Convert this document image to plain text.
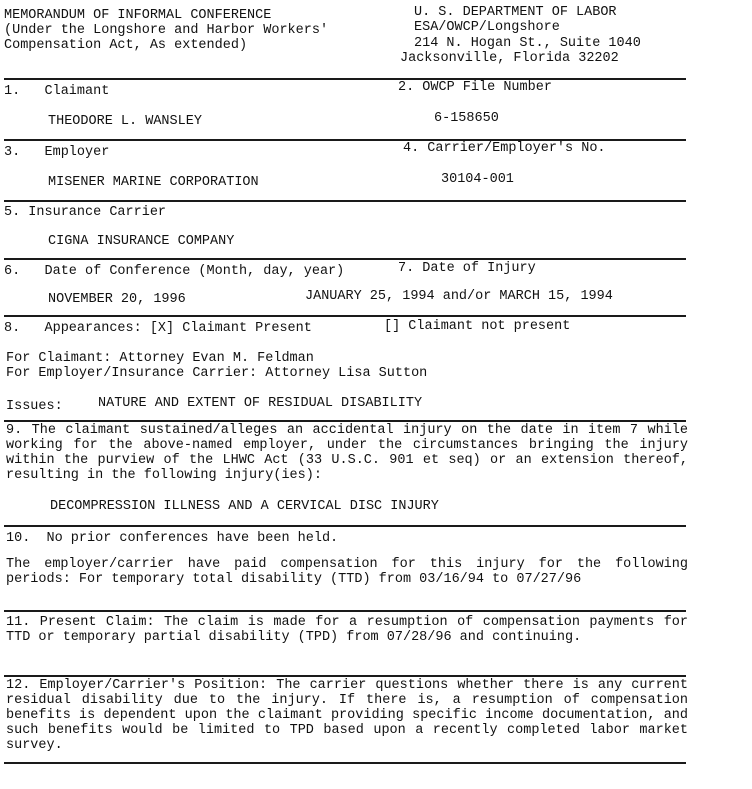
MEMORANDUM OF INFORMAL CONFERENCE
(Under the Longshore and Harbor Workers'
Compensation Act, As extended)
U. S. DEPARTMENT OF LABOR
ESA/OWCP/Longshore
214 N. Hogan St., Suite 1040
Jacksonville, Florida 32202
1.   Claimant	2. OWCP File Number
THEODORE L. WANSLEY	6-158650
3.   Employer	4. Carrier/Employer's No.
MISENER MARINE CORPORATION	30104-001
5. Insurance Carrier
CIGNA INSURANCE COMPANY
6.   Date of Conference (Month, day, year)	7. Date of Injury
NOVEMBER 20, 1996	JANUARY 25, 1994 and/or MARCH 15, 1994
8.   Appearances: [X] Claimant Present	[] Claimant not present
For Claimant: Attorney Evan M. Feldman
For Employer/Insurance Carrier: Attorney Lisa Sutton
Issues:	NATURE AND EXTENT OF RESIDUAL DISABILITY
9. The claimant sustained/alleges an accidental injury on the date in item 7 while working for the above-named employer, under the circumstances bringing the injury within the purview of the LHWC Act (33 U.S.C. 901 et seq) or an extension thereof, resulting in the following injury(ies):
DECOMPRESSION ILLNESS AND A CERVICAL DISC INJURY
10.  No prior conferences have been held.
The employer/carrier have paid compensation for this injury for the following periods: For temporary total disability (TTD) from 03/16/94 to 07/27/96
11. Present Claim: The claim is made for a resumption of compensation payments for TTD or temporary partial disability (TPD) from 07/28/96 and continuing.
12. Employer/Carrier's Position: The carrier questions whether there is any current residual disability due to the injury. If there is, a resumption of compensation benefits is dependent upon the claimant providing specific income documentation, and such benefits would be limited to TPD based upon a recently completed labor market survey.
